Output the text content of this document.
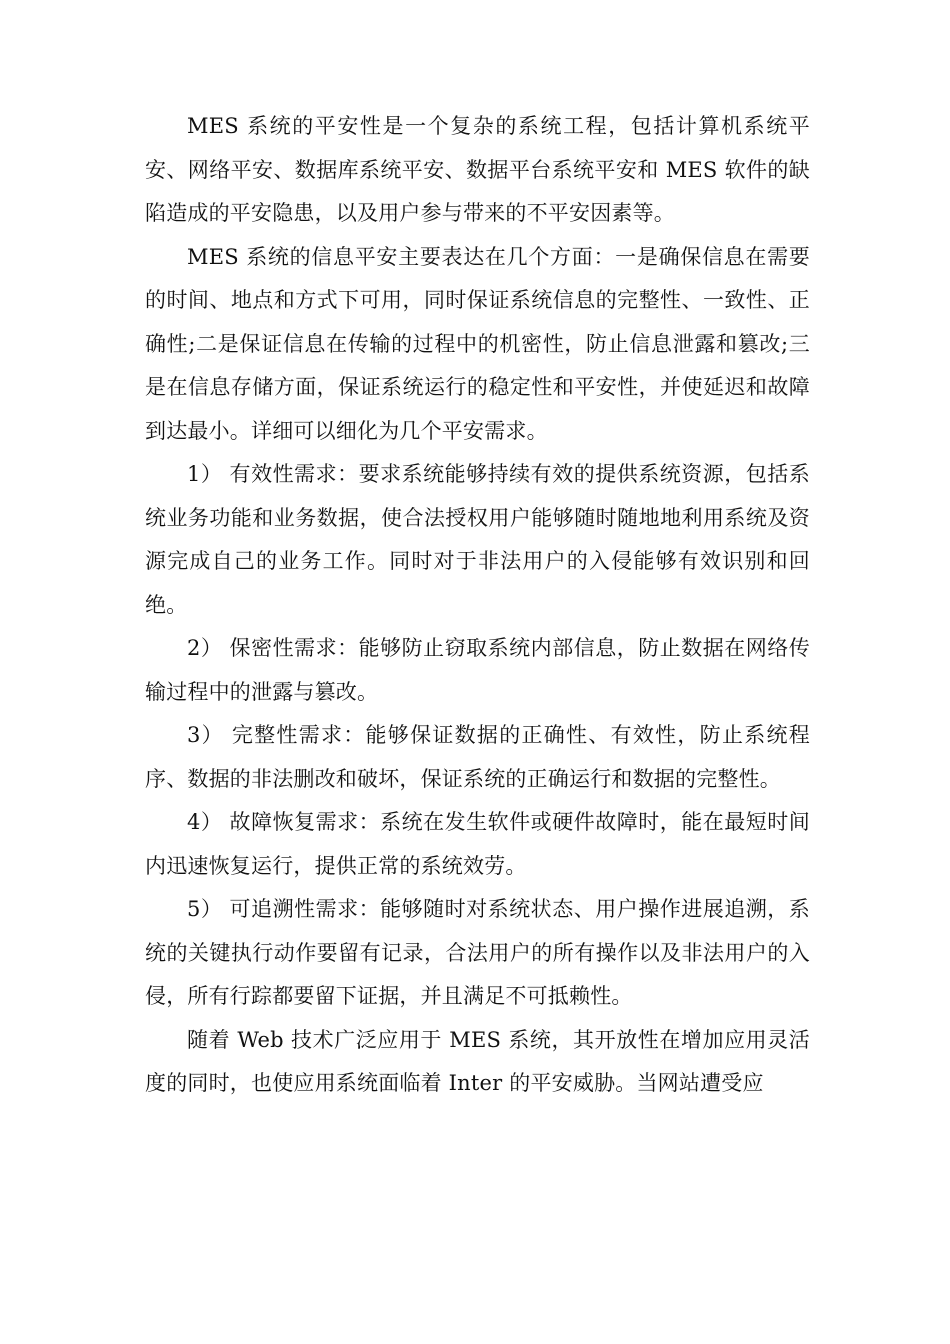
MES 系统的平安性是一个复杂的系统工程，包括计算机系统平安、网络平安、数据库系统平安、数据平台系统平安和 MES 软件的缺陷造成的平安隐患，以及用户参与带来的不平安因素等。

MES 系统的信息平安主要表达在几个方面：一是确保信息在需要的时间、地点和方式下可用，同时保证系统信息的完整性、一致性、正确性;二是保证信息在传输的过程中的机密性，防止信息泄露和篡改;三是在信息存储方面，保证系统运行的稳定性和平安性，并使延迟和故障到达最小。详细可以细化为几个平安需求。

1） 有效性需求：要求系统能够持续有效的提供系统资源，包括系统业务功能和业务数据，使合法授权用户能够随时随地地利用系统及资源完成自己的业务工作。同时对于非法用户的入侵能够有效识别和回绝。

2） 保密性需求：能够防止窃取系统内部信息，防止数据在网络传输过程中的泄露与篡改。

3） 完整性需求：能够保证数据的正确性、有效性，防止系统程序、数据的非法删改和破坏，保证系统的正确运行和数据的完整性。

4） 故障恢复需求：系统在发生软件或硬件故障时，能在最短时间内迅速恢复运行，提供正常的系统效劳。

5） 可追溯性需求：能够随时对系统状态、用户操作进展追溯，系统的关键执行动作要留有记录，合法用户的所有操作以及非法用户的入侵，所有行踪都要留下证据，并且满足不可抵赖性。

随着 Web 技术广泛应用于 MES 系统，其开放性在增加应用灵活度的同时，也使应用系统面临着 Inter 的平安威胁。当网站遭受应
